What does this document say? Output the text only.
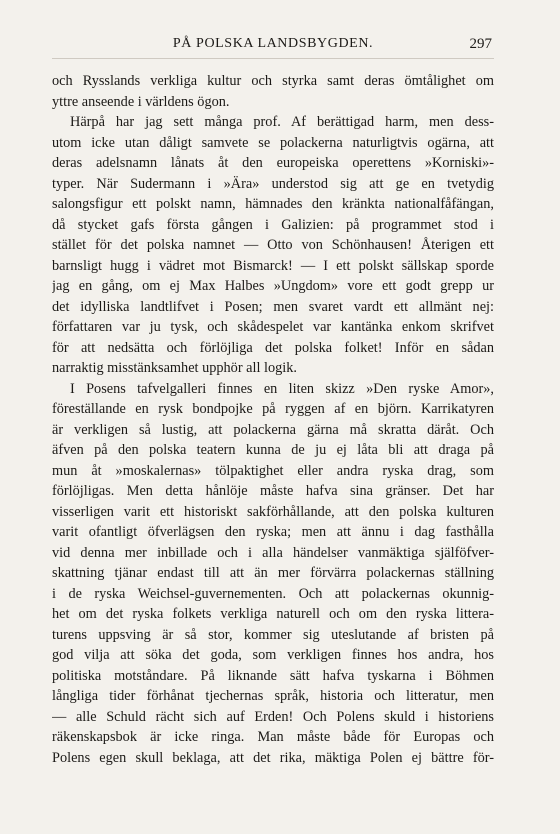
PÅ POLSKA LANDSBYGDEN.	297
och Rysslands verkliga kultur och styrka samt deras ömtålighet om
yttre anseende i världens ögon.
Härpå har jag sett många prof. Af berättigad harm, men dess-
utom icke utan dåligt samvete se polackerna naturligtvis ogärna, att
deras adelsnamn lånats åt den europeiska operettens »Korniski»-
typer. När Sudermann i »Ära» understod sig att ge en tvetydig
salongsfigur ett polskt namn, hämnades den kränkta nationalfåfängan,
då stycket gafs första gången i Galizien: på programmet stod i
stället för det polska namnet — Otto von Schönhausen! Återigen ett
barnsligt hugg i vädret mot Bismarck! — I ett polskt sällskap sporde
jag en gång, om ej Max Halbes »Ungdom» vore ett godt grepp ur
det idylliska landtlifvet i Posen; men svaret vardt ett allmänt nej:
författaren var ju tysk, och skådespelet var kantänka enkom skrifvet
för att nedsätta och förlöjliga det polska folket! Inför en sådan
narraktig misstänksamhet upphör all logik.
I Posens tafvelgalleri finnes en liten skizz »Den ryske Amor»,
föreställande en rysk bondpojke på ryggen af en björn. Karrikatyren
är verkligen så lustig, att polackerna gärna må skratta däråt. Och
äfven på den polska teatern kunna de ju ej låta bli att draga på
mun åt »moskalernas» tölpaktighet eller andra ryska drag, som
förlöjligas. Men detta hånlöje måste hafva sina gränser. Det har
visserligen varit ett historiskt sakförhållande, att den polska kulturen
varit ofantligt öfverlägsen den ryska; men att ännu i dag fasthålla
vid denna mer inbillade och i alla händelser vanmäktiga själföfver-
skattning tjänar endast till att än mer förvärra polackernas ställning
i de ryska Weichsel-guvernementen. Och att polackernas okunnig-
het om det ryska folkets verkliga naturell och om den ryska littera-
turens uppsving är så stor, kommer sig uteslutande af bristen på
god vilja att söka det goda, som verkligen finnes hos andra, hos
politiska motståndare. På liknande sätt hafva tyskarna i Böhmen
långliga tider förhånat tjechernas språk, historia och litteratur, men
— alle Schuld rächt sich auf Erden! Och Polens skuld i historiens
räkenskapsbok är icke ringa. Man måste både för Europas och
Polens egen skull beklaga, att det rika, mäktiga Polen ej bättre för-
